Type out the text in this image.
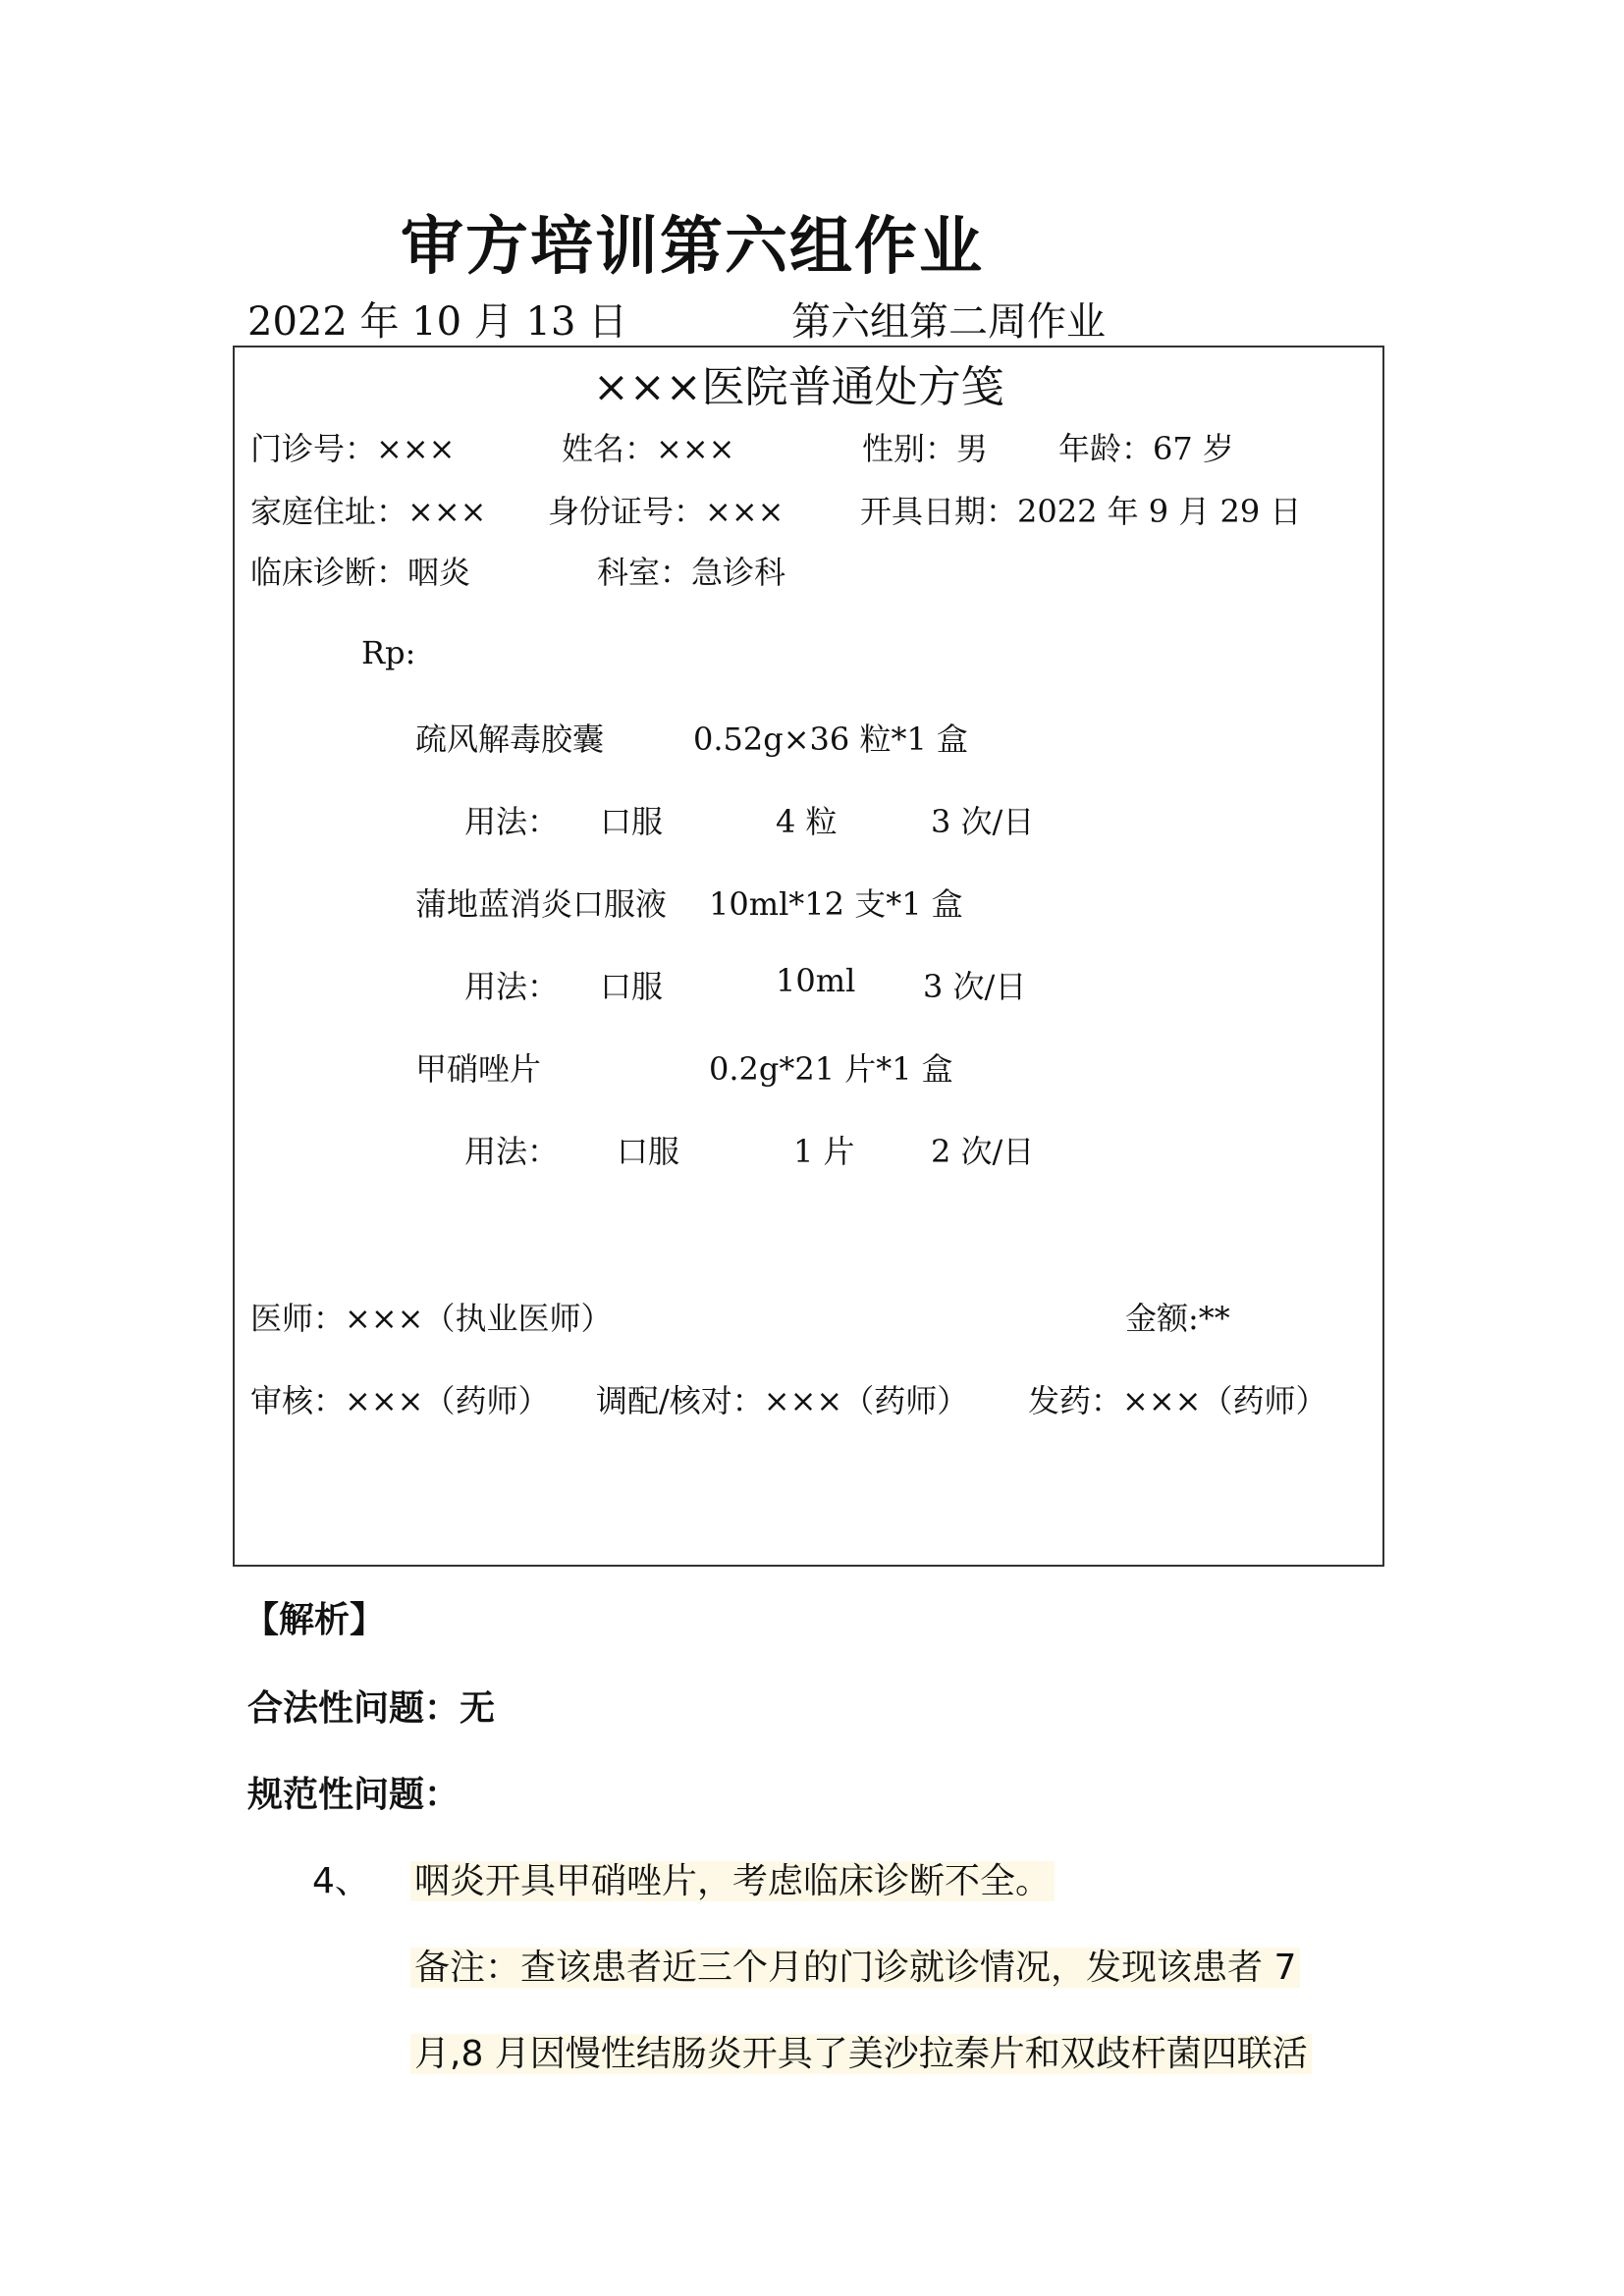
审方培训第六组作业
2022 年 10 月 13 日	第六组第二周作业
×××医院普通处方笺
门诊号：×××	姓名：×××	性别：男 年龄：67 岁
家庭住址：××× 身份证号：××× 开具日期：2022 年 9 月 29 日
临床诊断：咽炎	科室：急诊科
Rp:
疏风解毒胶囊	0.52g×36 粒*1 盒
用法： 口服	4 粒	3 次/日
蒲地蓝消炎口服液 10ml*12 支*1 盒
用法： 口服	10ml 3 次/日
甲硝唑片	0.2g*21 片*1 盒
用法： 口服	1 片 2 次/日
医师：×××（执业医师）	金额:**
审核：×××（药师） 调配/核对：×××（药师） 发药：×××（药师）
【解析】
合法性问题：无
规范性问题：
4、 咽炎开具甲硝唑片，考虑临床诊断不全。
备注：查该患者近三个月的门诊就诊情况，发现该患者 7
月,8 月因慢性结肠炎开具了美沙拉秦片和双歧杆菌四联活
